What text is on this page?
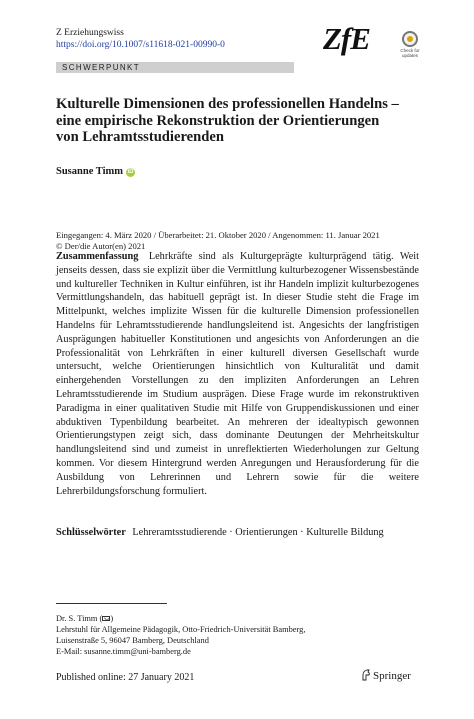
Z Erziehungswiss
https://doi.org/10.1007/s11618-021-00990-0	ZfE	Check for
updates
SCHWERPUNKT
Kulturelle Dimensionen des professionellen Handelns –
eine empirische Rekonstruktion der Orientierungen
von Lehramtsstudierenden
Susanne Timm iD
Eingegangen: 4. März 2020 / Überarbeitet: 21. Oktober 2020 / Angenommen: 11. Januar 2021
© Der/die Autor(en) 2021
Zusammenfassung Lehrkräfte sind als Kulturgeprägte kulturprägend tätig. Weit jenseits dessen, dass sie explizit über die Vermittlung kulturbezogener Wissensbestände und kultureller Techniken in Kultur einführen, ist ihr Handeln implizit kulturbezogenes Vermittlungshandeln, das habituell geprägt ist. In dieser Studie steht die Frage im Mittelpunkt, welches implizite Wissen für die kulturelle Dimension professionellen Handelns für Lehramtsstudierende handlungsleitend ist. Angesichts der langfristigen Ausprägungen habitueller Konstitutionen und angesichts von Anforderungen an die Professionalität von Lehrkräften in einer kulturell diversen Gesellschaft wurde untersucht, welche Orientierungen hinsichtlich von Kulturalität und damit einhergehenden Vorstellungen zu den impliziten Anforderungen an Lehren Lehramtsstudierende im Studium ausprägen. Diese Frage wurde im rekonstruktiven Paradigma in einer qualitativen Studie mit Hilfe von Gruppendiskussionen und einer abduktiven Typenbildung bearbeitet. An mehreren der idealtypisch gewonnen Orientierungstypen zeigt sich, dass dominante Deutungen der Mehrheitskultur handlungsleitend sind und zumeist in unreflektierten Wiederholungen zur Geltung kommen. Vor diesem Hintergrund werden Anregungen und Herausforderung für die Ausbildung von Lehrerinnen und Lehrern sowie für die weitere Lehrerbildungsforschung formuliert.
Schlüsselwörter Lehreramtsstudierende · Orientierungen · Kulturelle Bildung
Dr. S. Timm ( )
Lehrstuhl für Allgemeine Pädagogik, Otto-Friedrich-Universität Bamberg,
Luisenstraße 5, 96047 Bamberg, Deutschland
E-Mail: susanne.timm@uni-bamberg.de
Published online: 27 January 2021	Springer
